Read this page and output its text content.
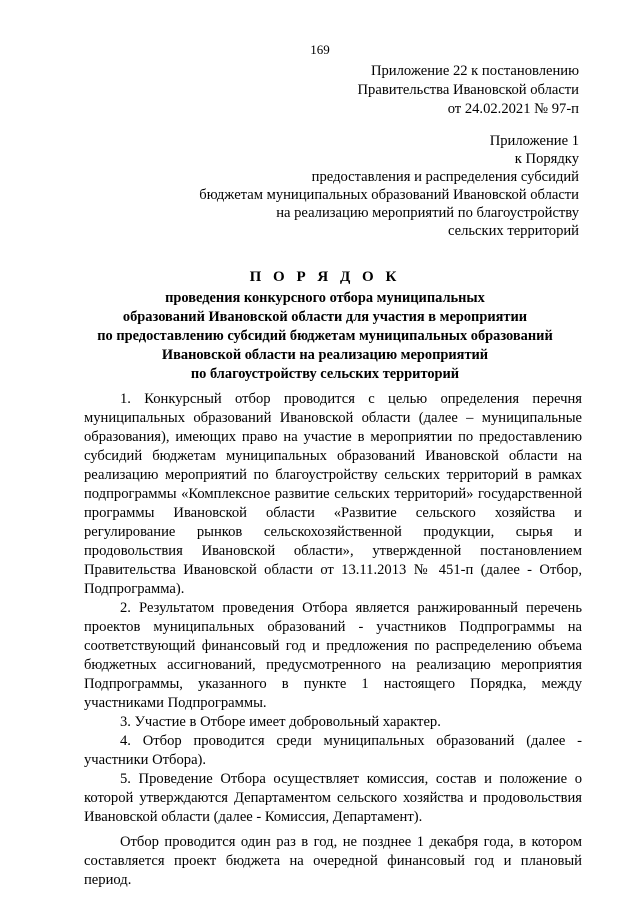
169
Приложение 22 к постановлению
Правительства Ивановской области
от 24.02.2021 № 97-п
Приложение 1
к Порядку
предоставления и распределения субсидий
бюджетам муниципальных образований Ивановской области
на реализацию мероприятий по благоустройству
сельских территорий
П О Р Я Д О К
проведения конкурсного отбора муниципальных
образований Ивановской области для участия в мероприятии
по предоставлению субсидий бюджетам муниципальных образований
Ивановской области на реализацию мероприятий
по благоустройству сельских территорий

1. Конкурсный отбор проводится с целью определения перечня муниципальных образований Ивановской области (далее – муниципальные образования), имеющих право на участие в мероприятии по предоставлению субсидий бюджетам муниципальных образований Ивановской области на реализацию мероприятий по благоустройству сельских территорий в рамках подпрограммы «Комплексное развитие сельских территорий» государственной программы Ивановской области «Развитие сельского хозяйства и регулирование рынков сельскохозяйственной продукции, сырья и продовольствия Ивановской области», утвержденной постановлением Правительства Ивановской области от 13.11.2013 № 451-п (далее - Отбор, Подпрограмма).

2. Результатом проведения Отбора является ранжированный перечень проектов муниципальных образований - участников Подпрограммы на соответствующий финансовый год и предложения по распределению объема бюджетных ассигнований, предусмотренного на реализацию мероприятия Подпрограммы, указанного в пункте 1 настоящего Порядка, между участниками Подпрограммы.

3. Участие в Отборе имеет добровольный характер.

4. Отбор проводится среди муниципальных образований (далее - участники Отбора).

5. Проведение Отбора осуществляет комиссия, состав и положение о которой утверждаются Департаментом сельского хозяйства и продовольствия Ивановской области (далее - Комиссия, Департамент).

Отбор проводится один раз в год, не позднее 1 декабря года, в котором составляется проект бюджета на очередной финансовый год и плановый период.
